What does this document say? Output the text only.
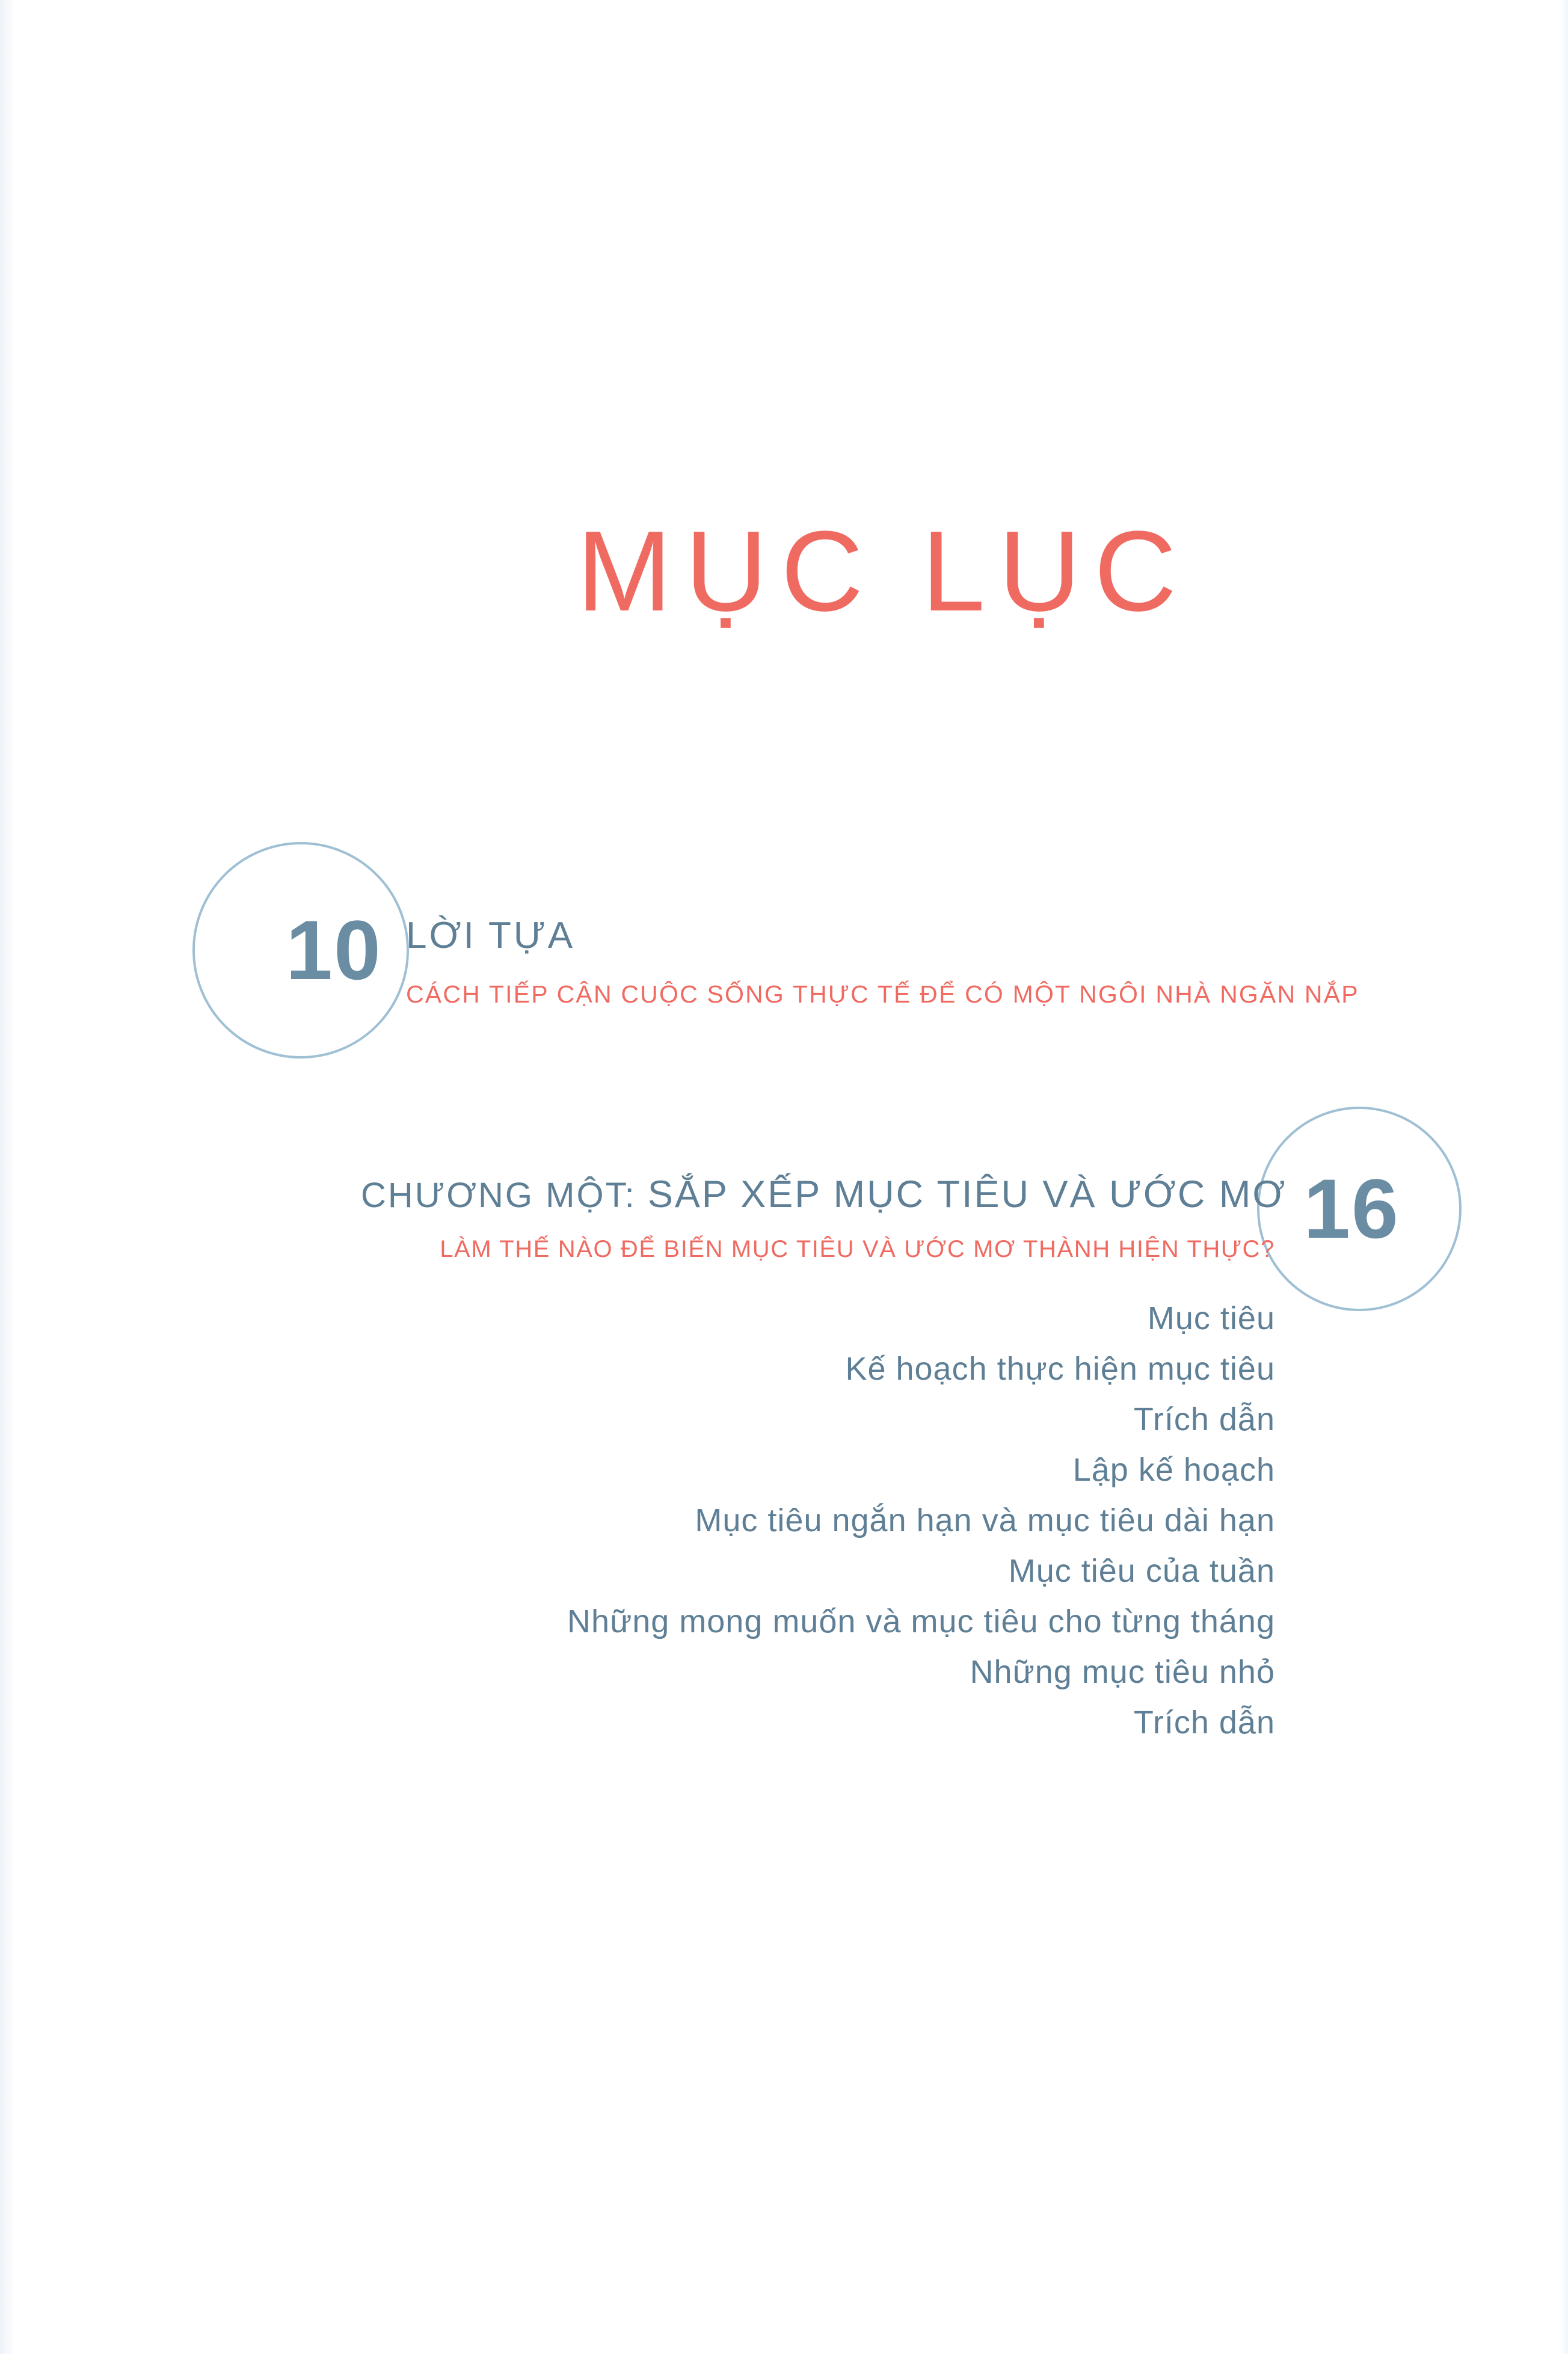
MỤC LỤC
10 LỜI TỰA
CÁCH TIẾP CẬN CUỘC SỐNG THỰC TẾ ĐỂ CÓ MỘT NGÔI NHÀ NGĂN NẮP
16
CHƯƠNG MỘT: SẮP XẾP MỤC TIÊU VÀ ƯỚC MƠ
LÀM THẾ NÀO ĐỂ BIẾN MỤC TIÊU VÀ ƯỚC MƠ THÀNH HIỆN THỰC?
Mục tiêu
Kế hoạch thực hiện mục tiêu
Trích dẫn
Lập kế hoạch
Mục tiêu ngắn hạn và mục tiêu dài hạn
Mục tiêu của tuần
Những mong muốn và mục tiêu cho từng tháng
Những mục tiêu nhỏ
Trích dẫn
